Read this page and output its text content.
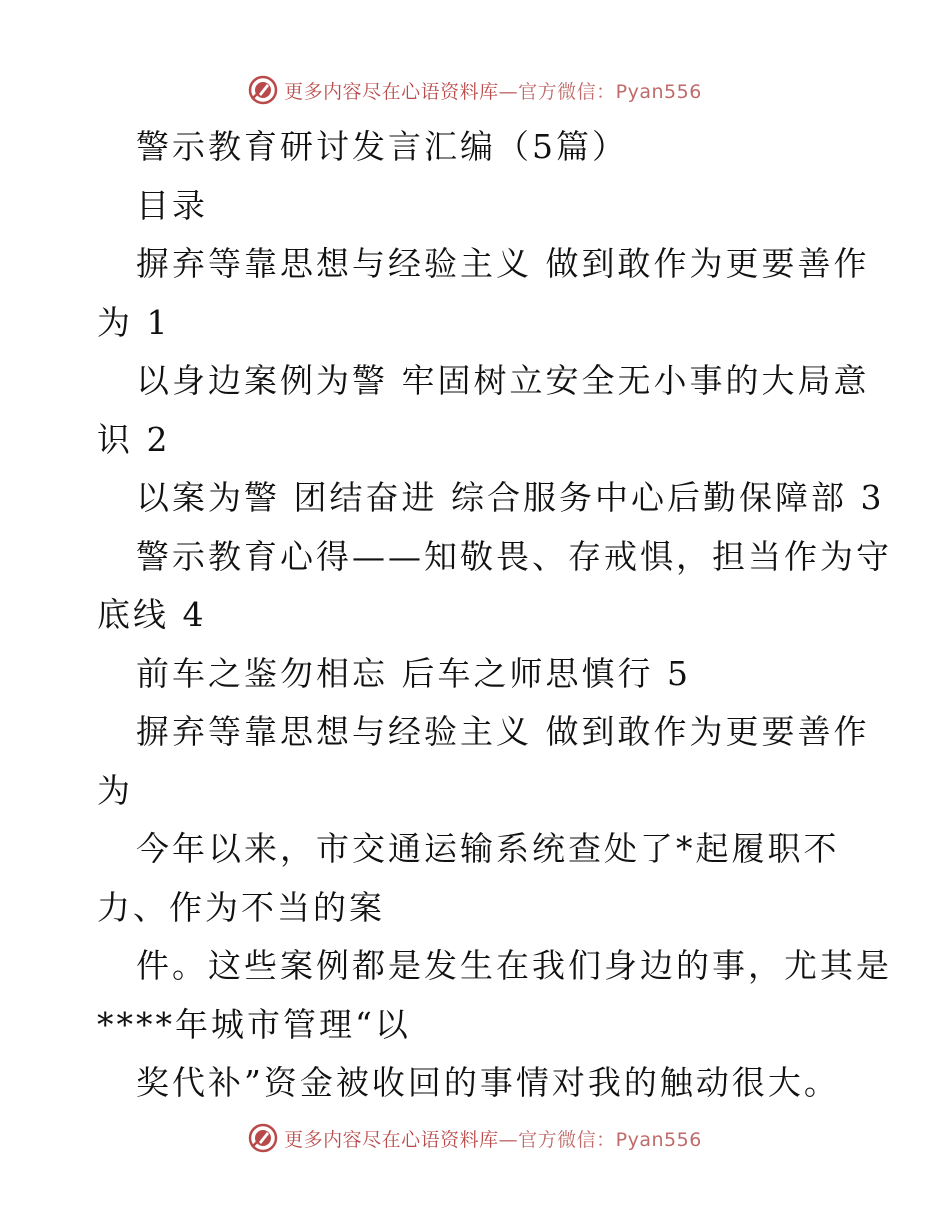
更多内容尽在心语资料库—官方微信：Pyan556
警示教育研讨发言汇编（5篇）
目录
摒弃等靠思想与经验主义 做到敢作为更要善作
为 1
以身边案例为警 牢固树立安全无小事的大局意
识 2
以案为警 团结奋进 综合服务中心后勤保障部 3
警示教育心得——知敬畏、存戒惧，担当作为守
底线 4
前车之鉴勿相忘 后车之师思慎行 5
摒弃等靠思想与经验主义 做到敢作为更要善作
为
今年以来，市交通运输系统查处了*起履职不
力、作为不当的案
件。这些案例都是发生在我们身边的事，尤其是
****年城市管理“以
奖代补”资金被收回的事情对我的触动很大。
更多内容尽在心语资料库—官方微信：Pyan556
